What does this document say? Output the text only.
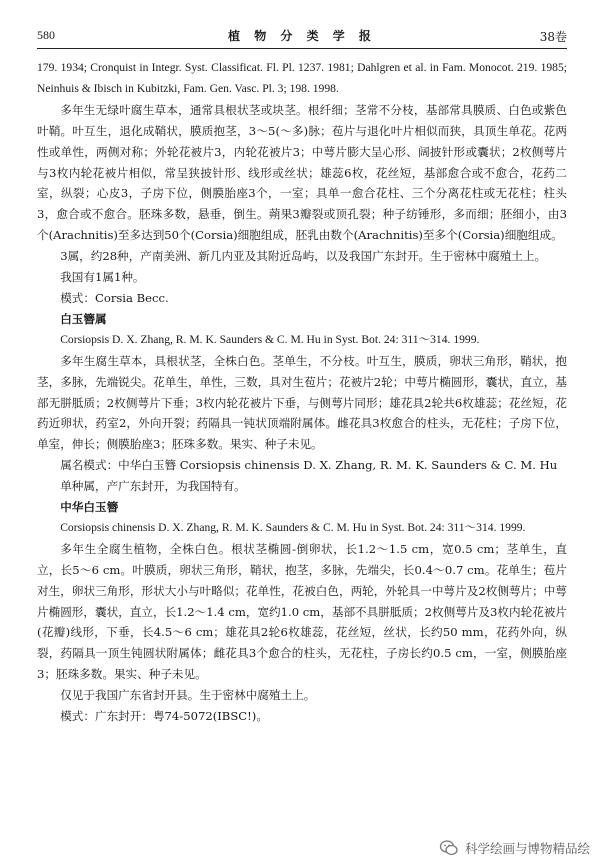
580	植 物 分 类 学 报	38卷

179. 1934; Cronquist in Integr. Syst. Classificat. Fl. Pl. 1237. 1981; Dahlgren et al. in Fam. Monocot. 219. 1985; Neinhuis & Ibisch in Kubitzki, Fam. Gen. Vasc. Pl. 3; 198. 1998.

多年生无绿叶腐生草本，通常具根状茎或块茎。根纤细；茎常不分枝，基部常具膜质、白色或紫色叶鞘。叶互生，退化成鞘状，膜质抱茎，3～5(～多)脉；苞片与退化叶片相似而狭，具顶生单花。花两性或单性，两侧对称；外轮花被片3，内轮花被片3；中萼片膨大呈心形、阔披针形或囊状；2枚侧萼片与3枚内轮花被片相似，常呈狭披针形、线形或丝状；雄蕊6枚，花丝短，基部愈合或不愈合，花药二室，纵裂；心皮3，子房下位，侧膜胎座3个，一室；具单一愈合花柱、三个分离花柱或无花柱；柱头3，愈合或不愈合。胚珠多数，悬垂，倒生。蒴果3瓣裂或顶孔裂；种子纺锤形，多而细；胚细小，由3个(Arachnitis)至多达到50个(Corsia)细胞组成，胚乳由数个(Arachnitis)至多个(Corsia)细胞组成。

3属，约28种，产南美洲、新几内亚及其附近岛屿，以及我国广东封开。生于密林中腐殖土上。

我国有1属1种。

模式：Corsia Becc.

白玉簪属

Corsiopsis D. X. Zhang, R. M. K. Saunders & C. M. Hu in Syst. Bot. 24: 311～314. 1999.

多年生腐生草本，具根状茎，全株白色。茎单生，不分枝。叶互生，膜质，卵状三角形，鞘状，抱茎，多脉，先端锐尖。花单生，单性，三数，具对生苞片；花被片2轮；中萼片椭圆形，囊状，直立，基部无胼胝质；2枚侧萼片下垂；3枚内轮花被片下垂，与侧萼片同形；雄花具2轮共6枚雄蕊；花丝短，花药近卵状，药室2，外向开裂；药隔具一钝状顶端附属体。雌花具3枚愈合的柱头，无花柱；子房下位，单室，伸长；侧膜胎座3；胚珠多数。果实、种子未见。

属名模式：中华白玉簪 Corsiopsis chinensis D. X. Zhang, R. M. K. Saunders & C. M. Hu

单种属，产广东封开，为我国特有。

中华白玉簪

Corsiopsis chinensis D. X. Zhang, R. M. K. Saunders & C. M. Hu in Syst. Bot. 24: 311～314. 1999.

多年生全腐生植物，全株白色。根状茎椭圆-倒卵状，长1.2～1.5 cm，宽0.5 cm；茎单生，直立，长5～6 cm。叶膜质，卵状三角形，鞘状，抱茎，多脉，先端尖，长0.4～0.7 cm。花单生；苞片对生，卵状三角形，形状大小与叶略似；花单性，花被白色，两轮，外轮具一中萼片及2枚侧萼片；中萼片椭圆形，囊状，直立，长1.2～1.4 cm，宽约1.0 cm，基部不具胼胝质；2枚侧萼片及3枚内轮花被片(花瓣)线形，下垂，长4.5～6 cm；雄花具2轮6枚雄蕊，花丝短，丝状，长约50 mm，花药外向，纵裂，药隔具一顶生钝圆状附属体；雌花具3个愈合的柱头，无花柱，子房长约0.5 cm，一室，侧膜胎座3；胚珠多数。果实、种子未见。

仅见于我国广东省封开县。生于密林中腐殖土上。

模式：广东封开：粤74-5072(IBSC!)。

科学绘画与博物精品绘
